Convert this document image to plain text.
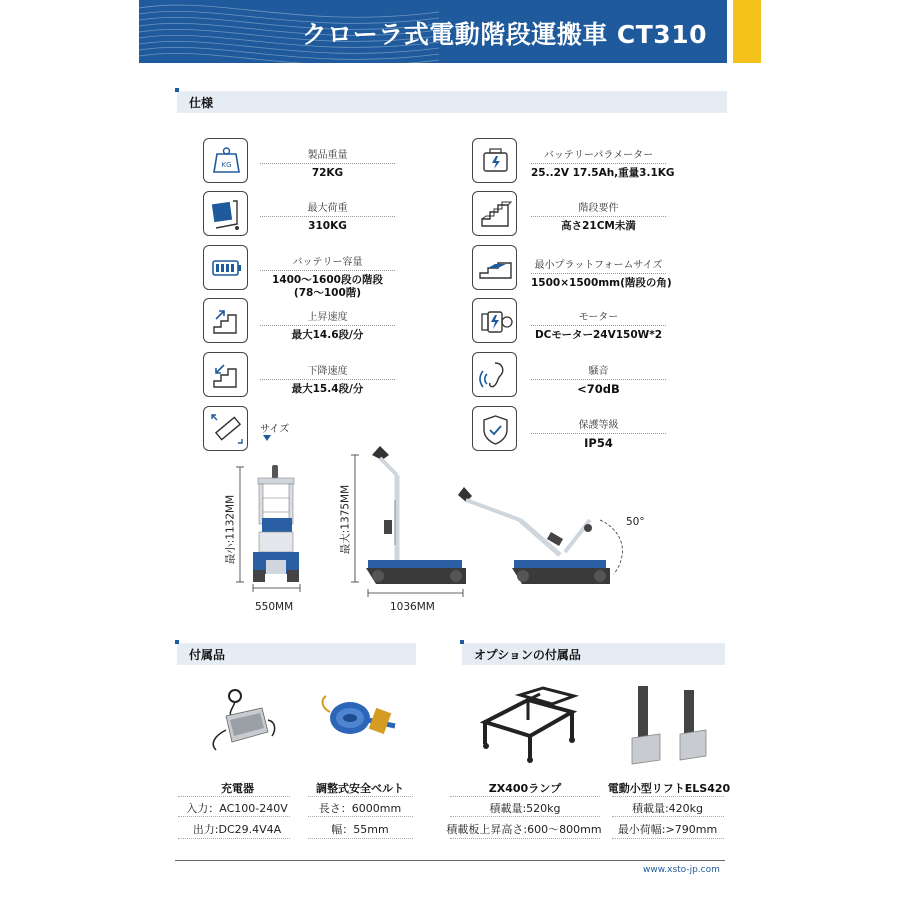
クローラ式電動階段運搬車 CT310
仕様
KG
製品重量
72KG
最大荷重
310KG
バッテリー容量
1400～1600段の階段
(78～100階)
上昇速度
最大14.6段/分
下降速度
最大15.4段/分
サイズ
バッテリーパラメーター
25..2V 17.5Ah,重量3.1KG
階段要件
高さ21CM未満
最小プラットフォームサイズ
1500×1500mm(階段の角)
モーター
DCモーター24V150W*2
騒音
<70dB
保護等級
IP54
最小:1132MM
550MM
最大:1375MM
1036MM
50°
付属品	オプションの付属品
充電器
入力：AC100-240V
出力:DC29.4V4A
調整式安全ベルト
長さ：6000mm
幅：55mm
ZX400ランプ
積載量:520kg
積載板上昇高さ:600～800mm
電動小型リフトELS420
積載量:420kg
最小荷幅:>790mm
www.xsto-jp.com
